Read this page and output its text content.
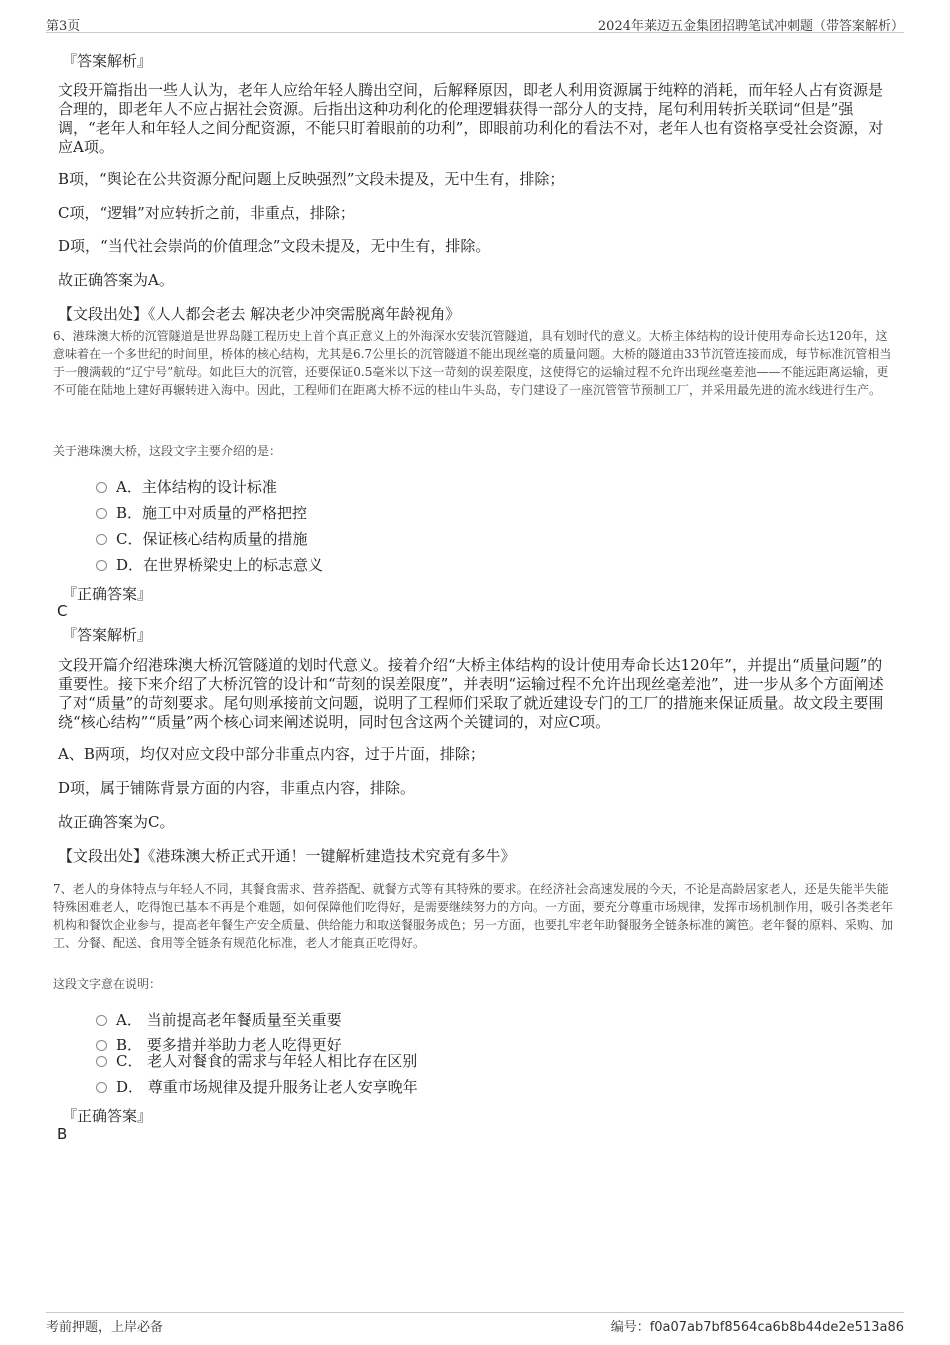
第3页	2024年莱迈五金集团招聘笔试冲刺题（带答案解析）
『答案解析』
文段开篇指出一些人认为，老年人应给年轻人腾出空间，后解释原因，即老人利用资源属于纯粹的消耗，而年轻人占有资源是合理的，即老年人不应占据社会资源。后指出这种功利化的伦理逻辑获得一部分人的支持，尾句利用转折关联词“但是”强调，“老年人和年轻人之间分配资源，不能只盯着眼前的功利”，即眼前功利化的看法不对，老年人也有资格享受社会资源，对应A项。
B项，“舆论在公共资源分配问题上反映强烈”文段未提及，无中生有，排除；
C项，“逻辑”对应转折之前，非重点，排除；
D项，“当代社会崇尚的价值理念”文段未提及，无中生有，排除。
故正确答案为A。
【文段出处】《人人都会老去 解决老少冲突需脱离年龄视角》
6、港珠澳大桥的沉管隧道是世界岛隧工程历史上首个真正意义上的外海深水安装沉管隧道，具有划时代的意义。大桥主体结构的设计使用寿命长达120年，这意味着在一个多世纪的时间里，桥体的核心结构，尤其是6.7公里长的沉管隧道不能出现丝毫的质量问题。大桥的隧道由33节沉管连接而成，每节标准沉管相当于一艘满载的“辽宁号”航母。如此巨大的沉管，还要保证0.5毫米以下这一苛刻的误差限度，这使得它的运输过程不允许出现丝毫差池——不能远距离运输，更不可能在陆地上建好再辗转进入海中。因此，工程师们在距离大桥不远的桂山牛头岛，专门建设了一座沉管管节预制工厂，并采用最先进的流水线进行生产。
关于港珠澳大桥，这段文字主要介绍的是：
A．主体结构的设计标准
B．施工中对质量的严格把控
C．保证核心结构质量的措施
D．在世界桥梁史上的标志意义
『正确答案』
C
『答案解析』
文段开篇介绍港珠澳大桥沉管隧道的划时代意义。接着介绍“大桥主体结构的设计使用寿命长达120年”，并提出“质量问题”的重要性。接下来介绍了大桥沉管的设计和“苛刻的误差限度”，并表明“运输过程不允许出现丝毫差池”，进一步从多个方面阐述了对“质量”的苛刻要求。尾句则承接前文问题，说明了工程师们采取了就近建设专门的工厂的措施来保证质量。故文段主要围绕“核心结构”“质量”两个核心词来阐述说明，同时包含这两个关键词的，对应C项。
A、B两项，均仅对应文段中部分非重点内容，过于片面，排除；
D项，属于铺陈背景方面的内容，非重点内容，排除。
故正确答案为C。
【文段出处】《港珠澳大桥正式开通！一键解析建造技术究竟有多牛》
7、老人的身体特点与年轻人不同，其餐食需求、营养搭配、就餐方式等有其特殊的要求。在经济社会高速发展的今天，不论是高龄居家老人，还是失能半失能特殊困难老人，吃得饱已基本不再是个难题，如何保障他们吃得好，是需要继续努力的方向。一方面，要充分尊重市场规律，发挥市场机制作用，吸引各类老年机构和餐饮企业参与，提高老年餐生产安全质量、供给能力和取送餐服务成色；另一方面，也要扎牢老年助餐服务全链条标准的篱笆。老年餐的原料、采购、加工、分餐、配送、食用等全链条有规范化标准，老人才能真正吃得好。
这段文字意在说明：
A． 当前提高老年餐质量至关重要
B． 要多措并举助力老人吃得更好
C． 老人对餐食的需求与年轻人相比存在区别
D． 尊重市场规律及提升服务让老人安享晚年
『正确答案』
B
考前押题，上岸必备	编号：f0a07ab7bf8564ca6b8b44de2e513a86
